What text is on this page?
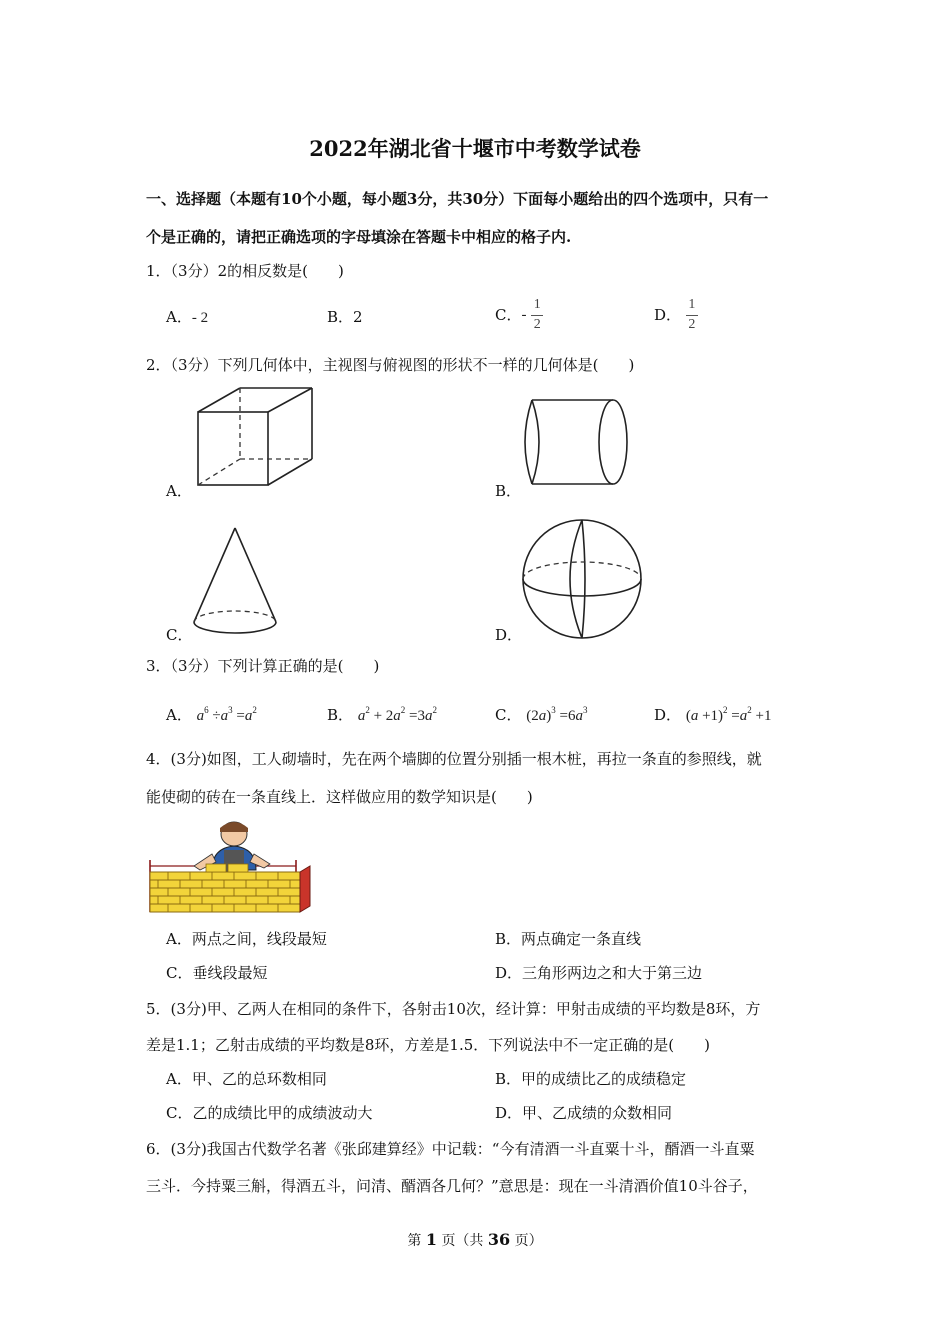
2022年湖北省十堰市中考数学试卷
一、选择题（本题有10个小题，每小题3分，共30分）下面每小题给出的四个选项中，只有一
个是正确的，请把正确选项的字母填涂在答题卡中相应的格子内.
1．（3分）2的相反数是(　　)
A．- 2	B．2	C．- $\frac{1}{2}$	D． $\frac{1}{2}$
2．（3分）下列几何体中，主视图与俯视图的形状不一样的几何体是(　　)
A．	B．
C．	D．
3．（3分）下列计算正确的是(　　)
A． $a^6 \div a^3 =a^2$	B． $a^2 + 2a^2 =3a^2$	C． $(2a)^3 =6a^3$	D． $(a +1)^2 =a^2 +1$
4．(3分)如图，工人砌墙时，先在两个墙脚的位置分别插一根木桩，再拉一条直的参照线，就
能使砌的砖在一条直线上．这样做应用的数学知识是(　　)
A．两点之间，线段最短	B．两点确定一条直线
C．垂线段最短	D．三角形两边之和大于第三边
5．(3分)甲、乙两人在相同的条件下，各射击10次，经计算：甲射击成绩的平均数是8环，方
差是1.1；乙射击成绩的平均数是8环，方差是1.5．下列说法中不一定正确的是(　　)
A．甲、乙的总环数相同	B．甲的成绩比乙的成绩稳定
C．乙的成绩比甲的成绩波动大	D．甲、乙成绩的众数相同
6．(3分)我国古代数学名著《张邱建算经》中记载：“今有清酒一斗直粟十斗，醑酒一斗直粟
三斗．今持粟三斛，得酒五斗，问清、醑酒各几何？”意思是：现在一斗清酒价值10斗谷子，
第 1 页（共 36 页）
